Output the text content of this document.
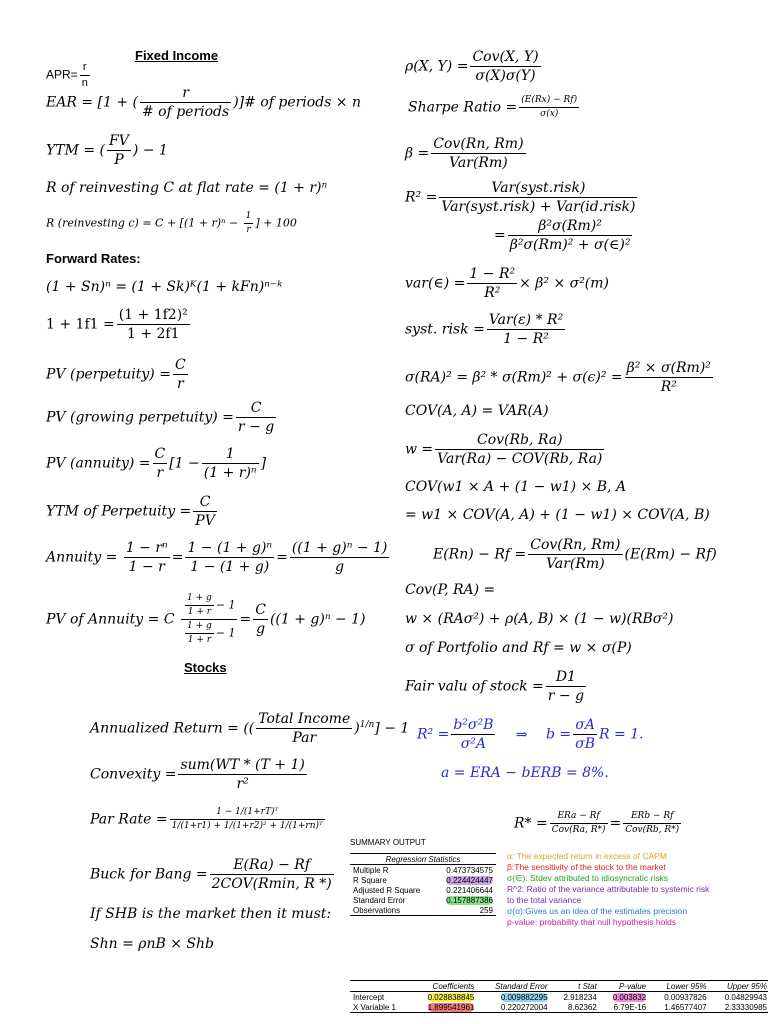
Fixed Income
$APR= \frac{r}{n}$
EAR = [1 + ( $\frac{r}{\text{\# of periods}}$ )]# of periods × n
YTM = ( $\frac{FV}{P}$ ) − 1
R of reinvesting C at flat rate = (1 + r)ⁿ
R (reinvesting $c) = C + [(1 + r)^n - \frac{1}{r}$ ] + 100
Forward Rates:
(1 + Sn)ⁿ = (1 + Sk)ᴷ(1 + kFn)ⁿ⁻ᵏ
$1 + 1f1 = \frac{\text{(1 + 1f2)²}}{1 + 2f1}$
PV (perpetuity) = $\frac{C}{r}$
PV (growing perpetuity) = $\frac{C}{r - g}$
PV (annuity) = $\frac{C}{r} [1 - \frac{1}{\text{(1 + r)ⁿ}}$ ]
YTM of Perpetuity = $\frac{C}{PV}$
Annuity = $\frac{\text{1 − rⁿ}}{1 - r} = \frac{\text{1 − (1 + g)ⁿ}}{1 - (1 + g)} = \frac{\text{((1 + g)ⁿ − 1)}}{g}$
PV of Annuity = C $\frac{\frac{1 + g}{1 + r} - 1}{\frac{1 + g}{1 + r} - 1} = \frac{C}{g} ((1 + g)^n - 1)$
Stocks
Annualized Return = (( $\frac{\text{Total Income}}{\text{Par}} )^{1/n}] - 1$
Convexity = $\frac{\text{sum(WT * (T + 1)}}{\text{r²}}$
Par Rate = $\frac{\text{1 − 1/(1+rT)ᵀ}}{\text{1/(1+r1) + 1/(1+r2)² + 1/(1+rn)ᵀ}}$
Buck for Bang = $\frac{E(Ra) - Rf}{\text{2COV(Rmin, R *)}}$
If SHB is the market then it must:
Shn = ρnB × Shb
ρ(X, $Y) = \frac{\text{Cov(X, Y)}}{\sigma(X)\sigma(Y)}$
Sharpe Ratio = $\frac{(E(Rx) - Rf)}{\sigma(x)}$
$\beta = \frac{\text{Cov(Rn, Rm)}}{\text{Var(Rm)}}$
$R^2 = \frac{\text{Var(syst.risk)}}{\text{Var(syst.risk) + Var(id.risk)}}$
= $\frac{\text{β²σ(Rm)²}}{\text{β²σ(Rm)² + σ(∈)²}}$
var(∈) = $\frac{\text{1 − R²}}{\text{R²}} \times \beta^2 \times \sigma^2(m)$
syst. risk = $\frac{\text{Var(ε) * R²}}{\text{1 − R²}}$
$\sigma(RA)^2 = \beta^2 * \sigma(Rm)^2 + \sigma(\epsilon)^2 = \frac{\text{β² × σ(Rm)²}}{\text{R²}}$
COV(A, A) = VAR(A)
$w = \frac{\text{Cov(Rb, Ra)}}{\text{Var(Ra) − COV(Rb, Ra)}}$
COV(w1 × A + (1 − w1) × B, A
= w1 × COV(A, A) + (1 − w1) × COV(A, B)
$E(Rn) - Rf = \frac{\text{Cov(Rn, Rm)}}{\text{Var(Rm)}} (E(Rm) - Rf)$
Cov(P, RA) =
w × (RAσ²) + ρ(A, B) × (1 − w)(RBσ²)
σ of Portfolio and Rf = w × σ(P)
Fair valu of stock = $\frac{D1}{r - g}$
$R^2 = \frac{\text{b²σ²B}}{\text{σ²A}}$ ⇒ $b = \frac{\sigma A}{\sigma B}$ R = 1.
a = ERA − bERB = 8%.
$R* = \frac{\text{ERa − Rf}}{\text{Cov(Ra, R*)}} = \frac{\text{ERb − Rf}}{\text{Cov(Rb, R*)}}$
SUMMARY OUTPUT
Regression Statistics	
Multiple R	0.473734575
R Square	0.224424447
Adjusted R Square	0.221406644
Standard Error	0.157887386
Observations	259
α: The expected return in excess of CAPM
β:The sensitivity of the stock to the market
σ(∈): Stdev attributed to idiosyncratic risks
R^2: Ratio of the variance attributable to systemic risk
to the total variance
σ(α):Gives us an idea of the estimates precision
p-value: probability that null hypothesis holds
	Coefficients	Standard Error	t Stat	P-value	Lower 95%	Upper 95%
Intercept	0.028838845	0.009882295	2.918234	0.003832	0.00937826	0.04829943
X Variable 1	1.899541961	0.220272004	8.62362	6.79E-16	1.46577407	2.33330985
